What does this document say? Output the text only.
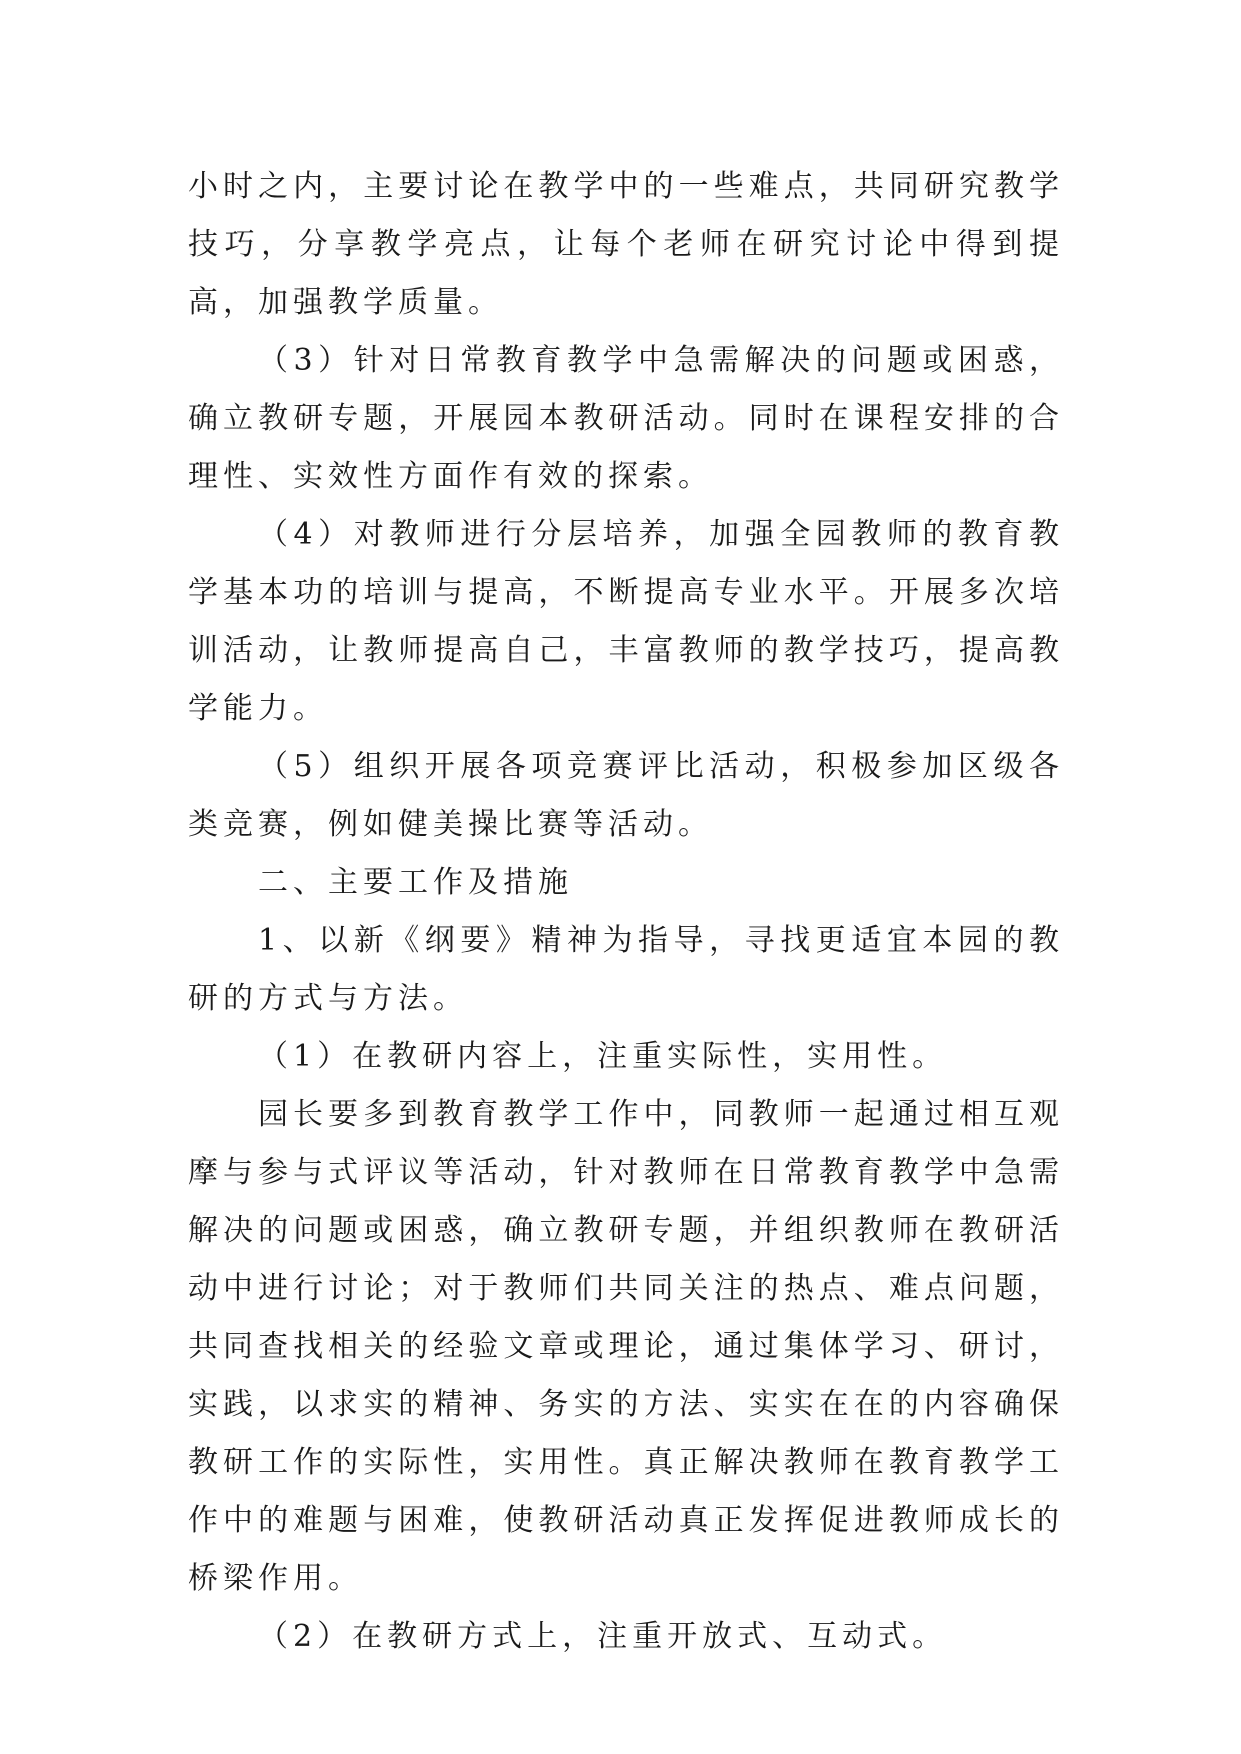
小时之内，主要讨论在教学中的一些难点，共同研究教学技巧，分享教学亮点，让每个老师在研究讨论中得到提高，加强教学质量。

（3）针对日常教育教学中急需解决的问题或困惑，确立教研专题，开展园本教研活动。同时在课程安排的合理性、实效性方面作有效的探索。

（4）对教师进行分层培养，加强全园教师的教育教学基本功的培训与提高，不断提高专业水平。开展多次培训活动，让教师提高自己，丰富教师的教学技巧，提高教学能力。

（5）组织开展各项竞赛评比活动，积极参加区级各类竞赛，例如健美操比赛等活动。

二、主要工作及措施

1、以新《纲要》精神为指导，寻找更适宜本园的教研的方式与方法。

（1）在教研内容上，注重实际性，实用性。

园长要多到教育教学工作中，同教师一起通过相互观摩与参与式评议等活动，针对教师在日常教育教学中急需解决的问题或困惑，确立教研专题，并组织教师在教研活动中进行讨论；对于教师们共同关注的热点、难点问题，共同查找相关的经验文章或理论，通过集体学习、研讨，实践，以求实的精神、务实的方法、实实在在的内容确保教研工作的实际性，实用性。真正解决教师在教育教学工作中的难题与困难，使教研活动真正发挥促进教师成长的桥梁作用。

（2）在教研方式上，注重开放式、互动式。
